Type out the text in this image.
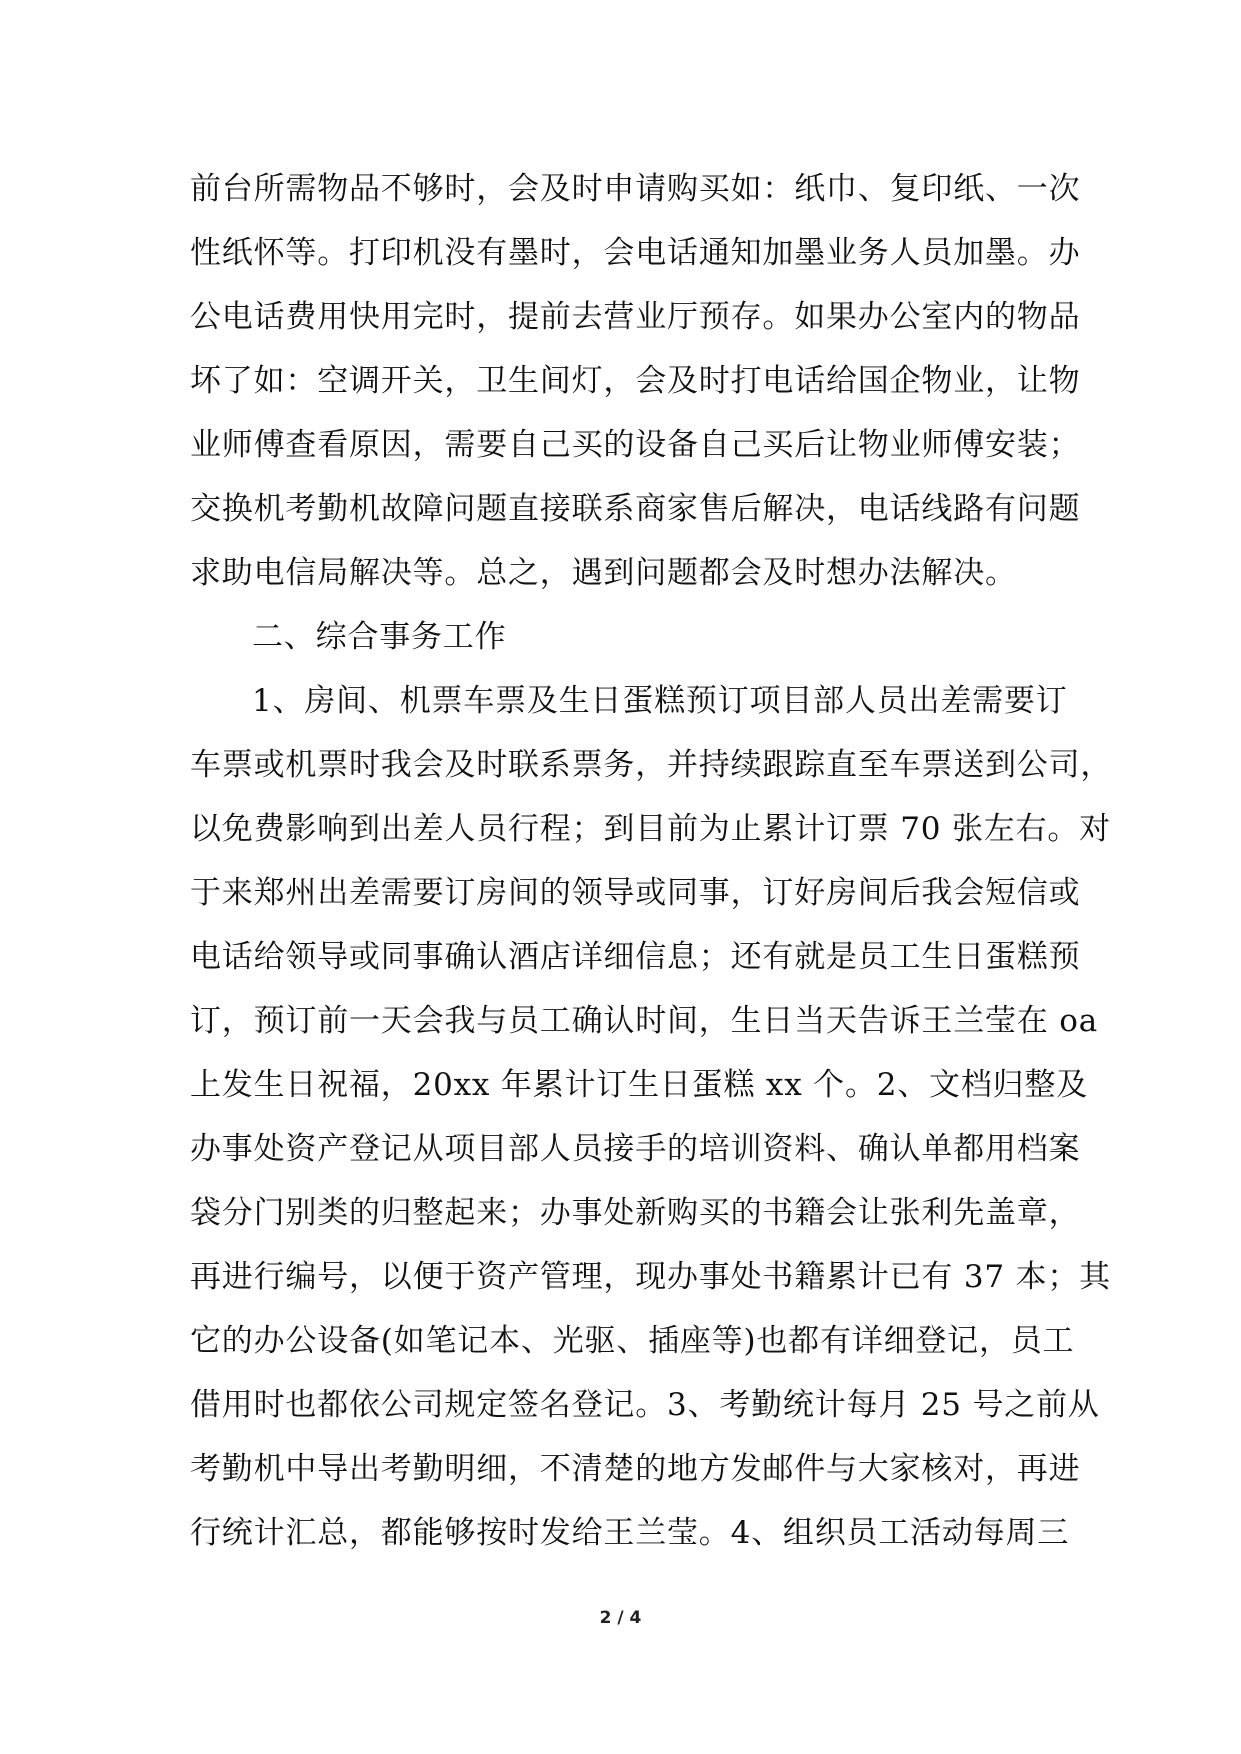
前台所需物品不够时，会及时申请购买如：纸巾、复印纸、一次
性纸怀等。打印机没有墨时，会电话通知加墨业务人员加墨。办
公电话费用快用完时，提前去营业厅预存。如果办公室内的物品
坏了如：空调开关，卫生间灯，会及时打电话给国企物业，让物
业师傅查看原因，需要自己买的设备自己买后让物业师傅安装；
交换机考勤机故障问题直接联系商家售后解决，电话线路有问题
求助电信局解决等。总之，遇到问题都会及时想办法解决。
二、综合事务工作
1、房间、机票车票及生日蛋糕预订项目部人员出差需要订
车票或机票时我会及时联系票务，并持续跟踪直至车票送到公司，
以免费影响到出差人员行程；到目前为止累计订票 70 张左右。对
于来郑州出差需要订房间的领导或同事，订好房间后我会短信或
电话给领导或同事确认酒店详细信息；还有就是员工生日蛋糕预
订，预订前一天会我与员工确认时间，生日当天告诉王兰莹在 oa
上发生日祝福，20xx 年累计订生日蛋糕 xx 个。2、文档归整及
办事处资产登记从项目部人员接手的培训资料、确认单都用档案
袋分门别类的归整起来；办事处新购买的书籍会让张利先盖章，
再进行编号，以便于资产管理，现办事处书籍累计已有 37 本；其
它的办公设备(如笔记本、光驱、插座等)也都有详细登记，员工
借用时也都依公司规定签名登记。3、考勤统计每月 25 号之前从
考勤机中导出考勤明细，不清楚的地方发邮件与大家核对，再进
行统计汇总，都能够按时发给王兰莹。4、组织员工活动每周三
2 / 4
